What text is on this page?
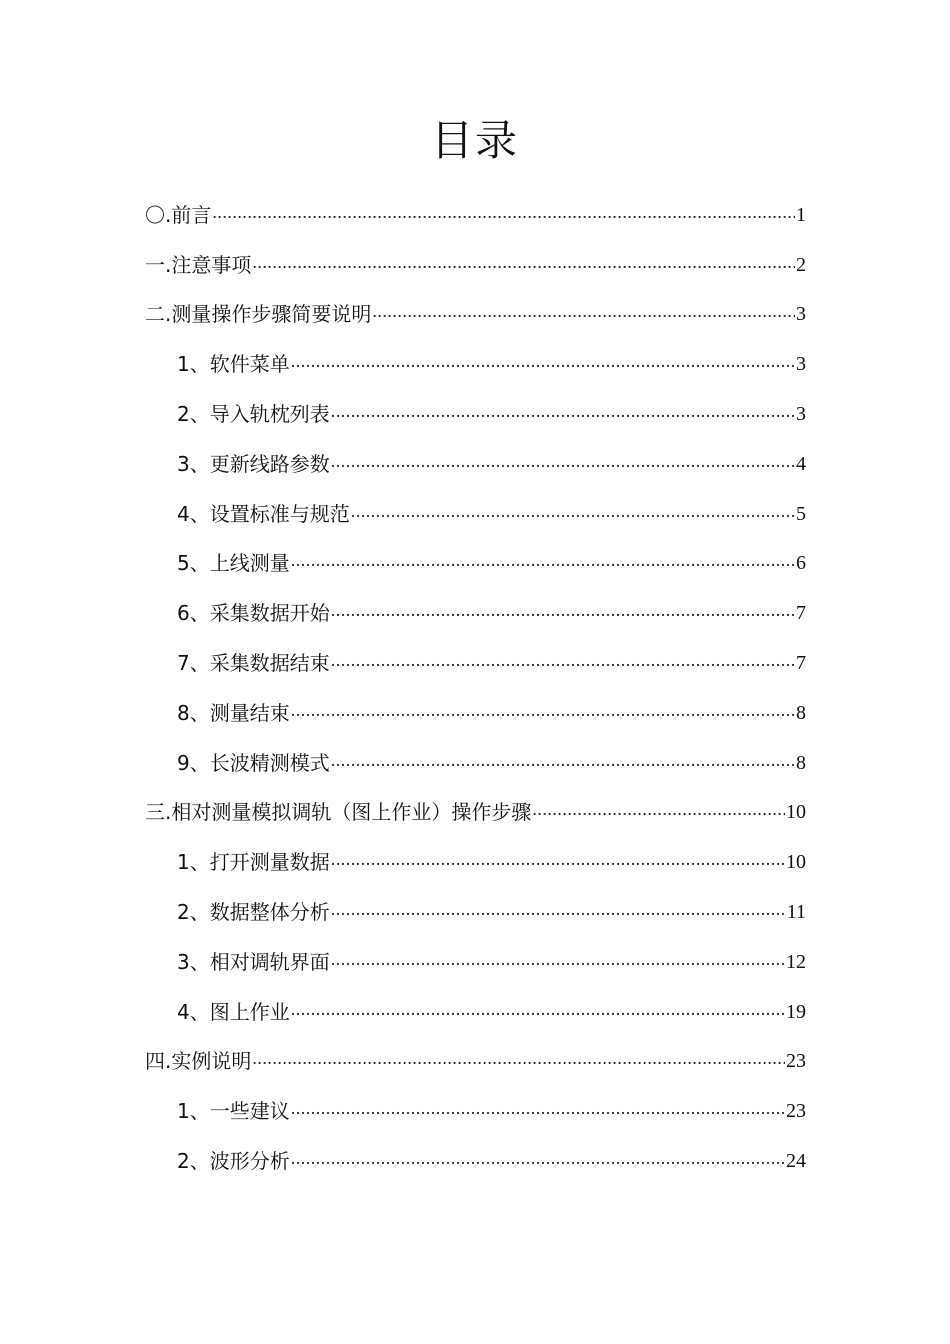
目录
〇.前言 .....	1
一.注意事项 .....	2
二.测量操作步骤简要说明 .....	3
1、软件菜单 .....	3
2、导入轨枕列表 .....	3
3、更新线路参数 .....	4
4、设置标准与规范 .....	5
5、上线测量 .....	6
6、采集数据开始 .....	7
7、采集数据结束 .....	7
8、测量结束 .....	8
9、长波精测模式 .....	8
三.相对测量模拟调轨（图上作业）操作步骤 .....	10
1、打开测量数据 .....	10
2、数据整体分析 .....	11
3、相对调轨界面 .....	12
4、图上作业 .....	19
四.实例说明 .....	23
1、一些建议 .....	23
2、波形分析 .....	24
